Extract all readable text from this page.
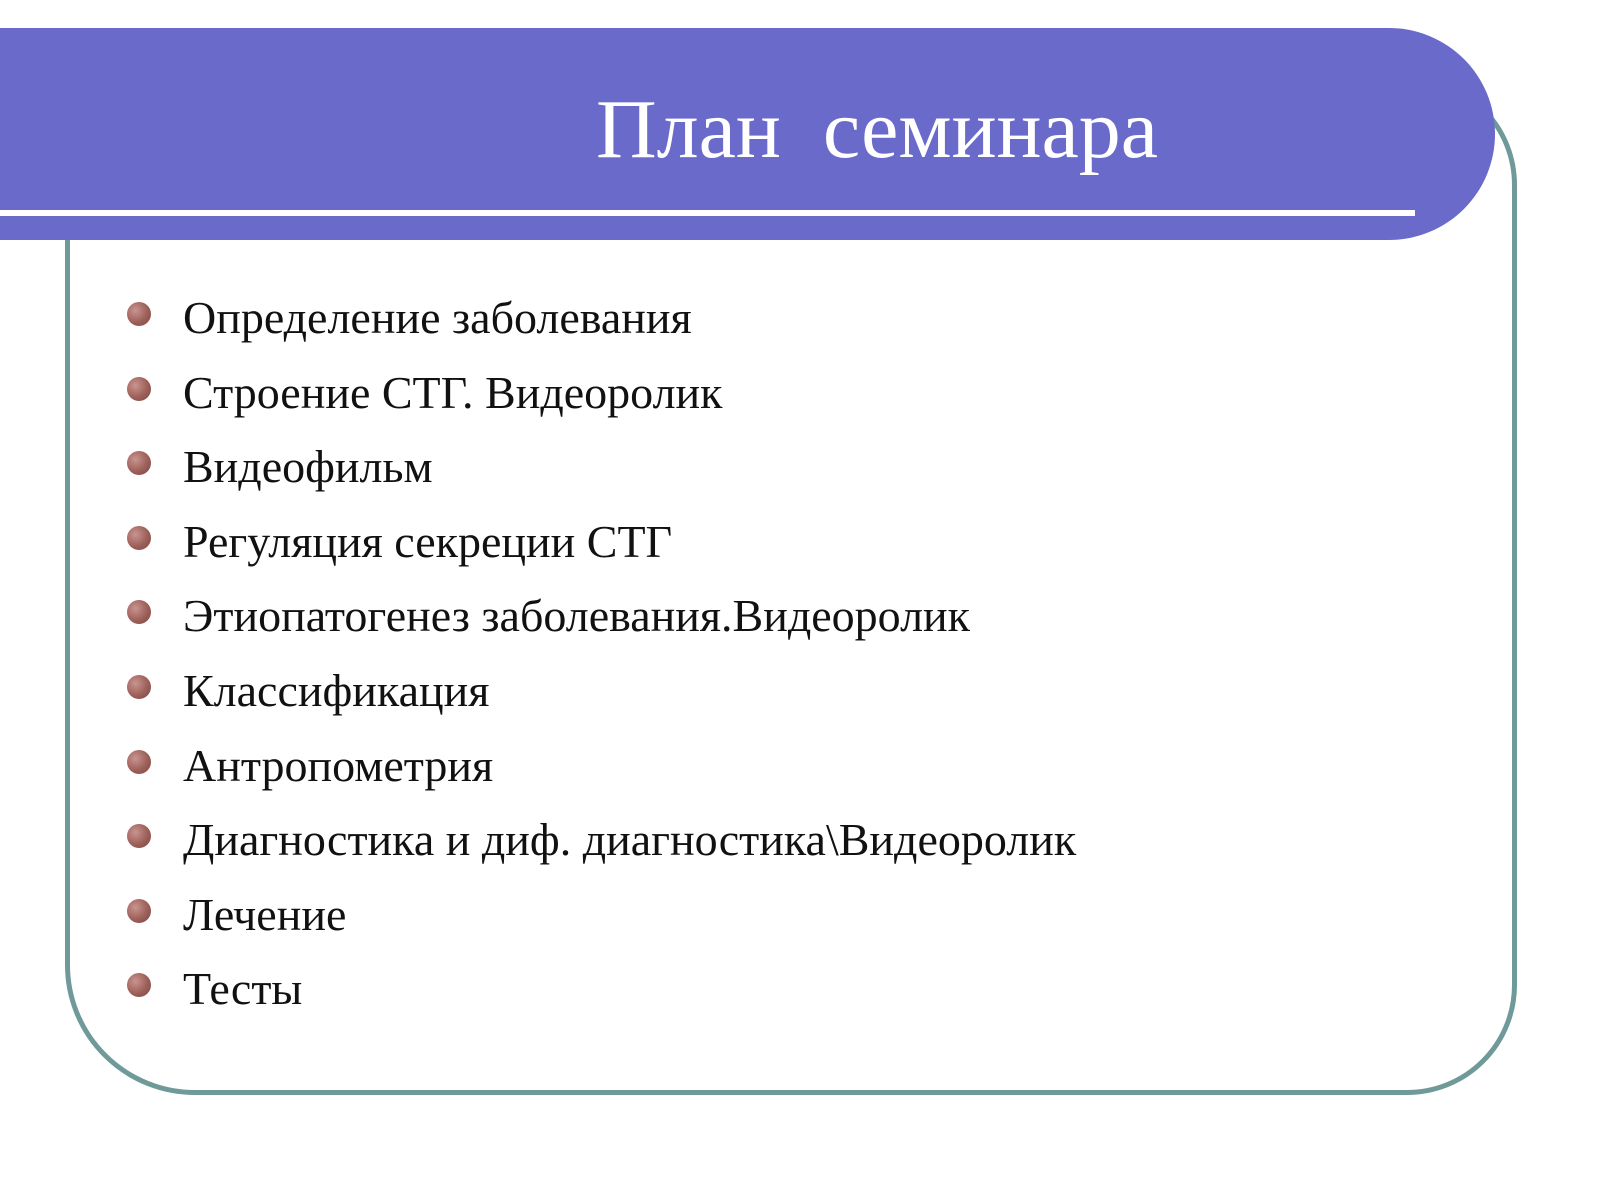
План  семинара
Определение заболевания
Строение СТГ. Видеоролик
Видеофильм
Регуляция секреции СТГ
Этиопатогенез заболевания.Видеоролик
Классификация
Антропометрия
Диагностика и диф. диагностика\Видеоролик
Лечение
Тесты
